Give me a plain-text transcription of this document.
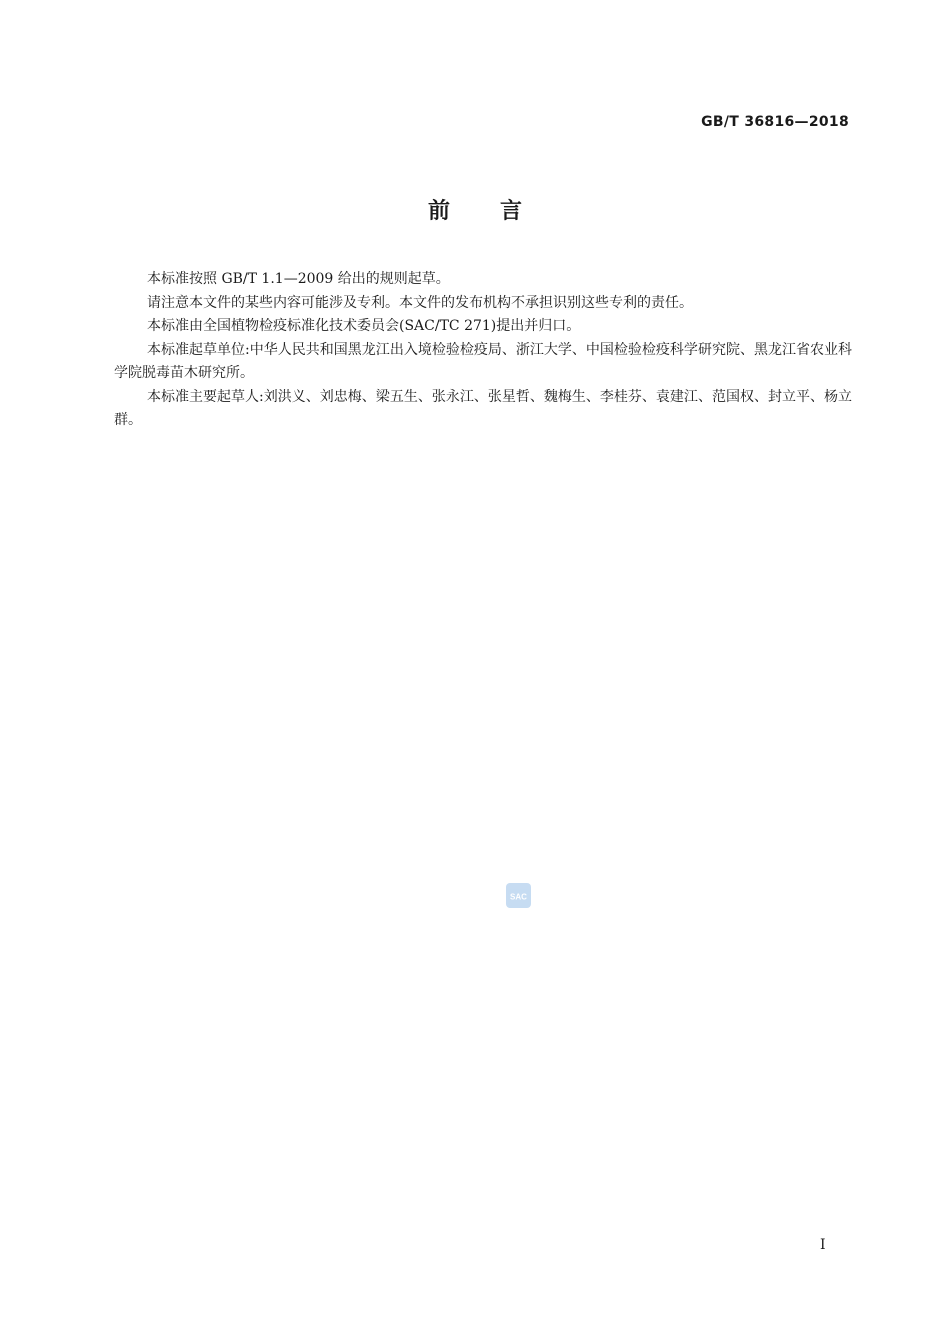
GB/T 36816—2018
前言

本标准按照 GB/T 1.1—2009 给出的规则起草。

请注意本文件的某些内容可能涉及专利。本文件的发布机构不承担识别这些专利的责任。

本标准由全国植物检疫标准化技术委员会(SAC/TC 271)提出并归口。

本标准起草单位:中华人民共和国黑龙江出入境检验检疫局、浙江大学、中国检验检疫科学研究院、黑龙江省农业科学院脱毒苗木研究所。

本标准主要起草人:刘洪义、刘忠梅、梁五生、张永江、张星哲、魏梅生、李桂芬、袁建江、范国权、封立平、杨立群。

SAC
I
